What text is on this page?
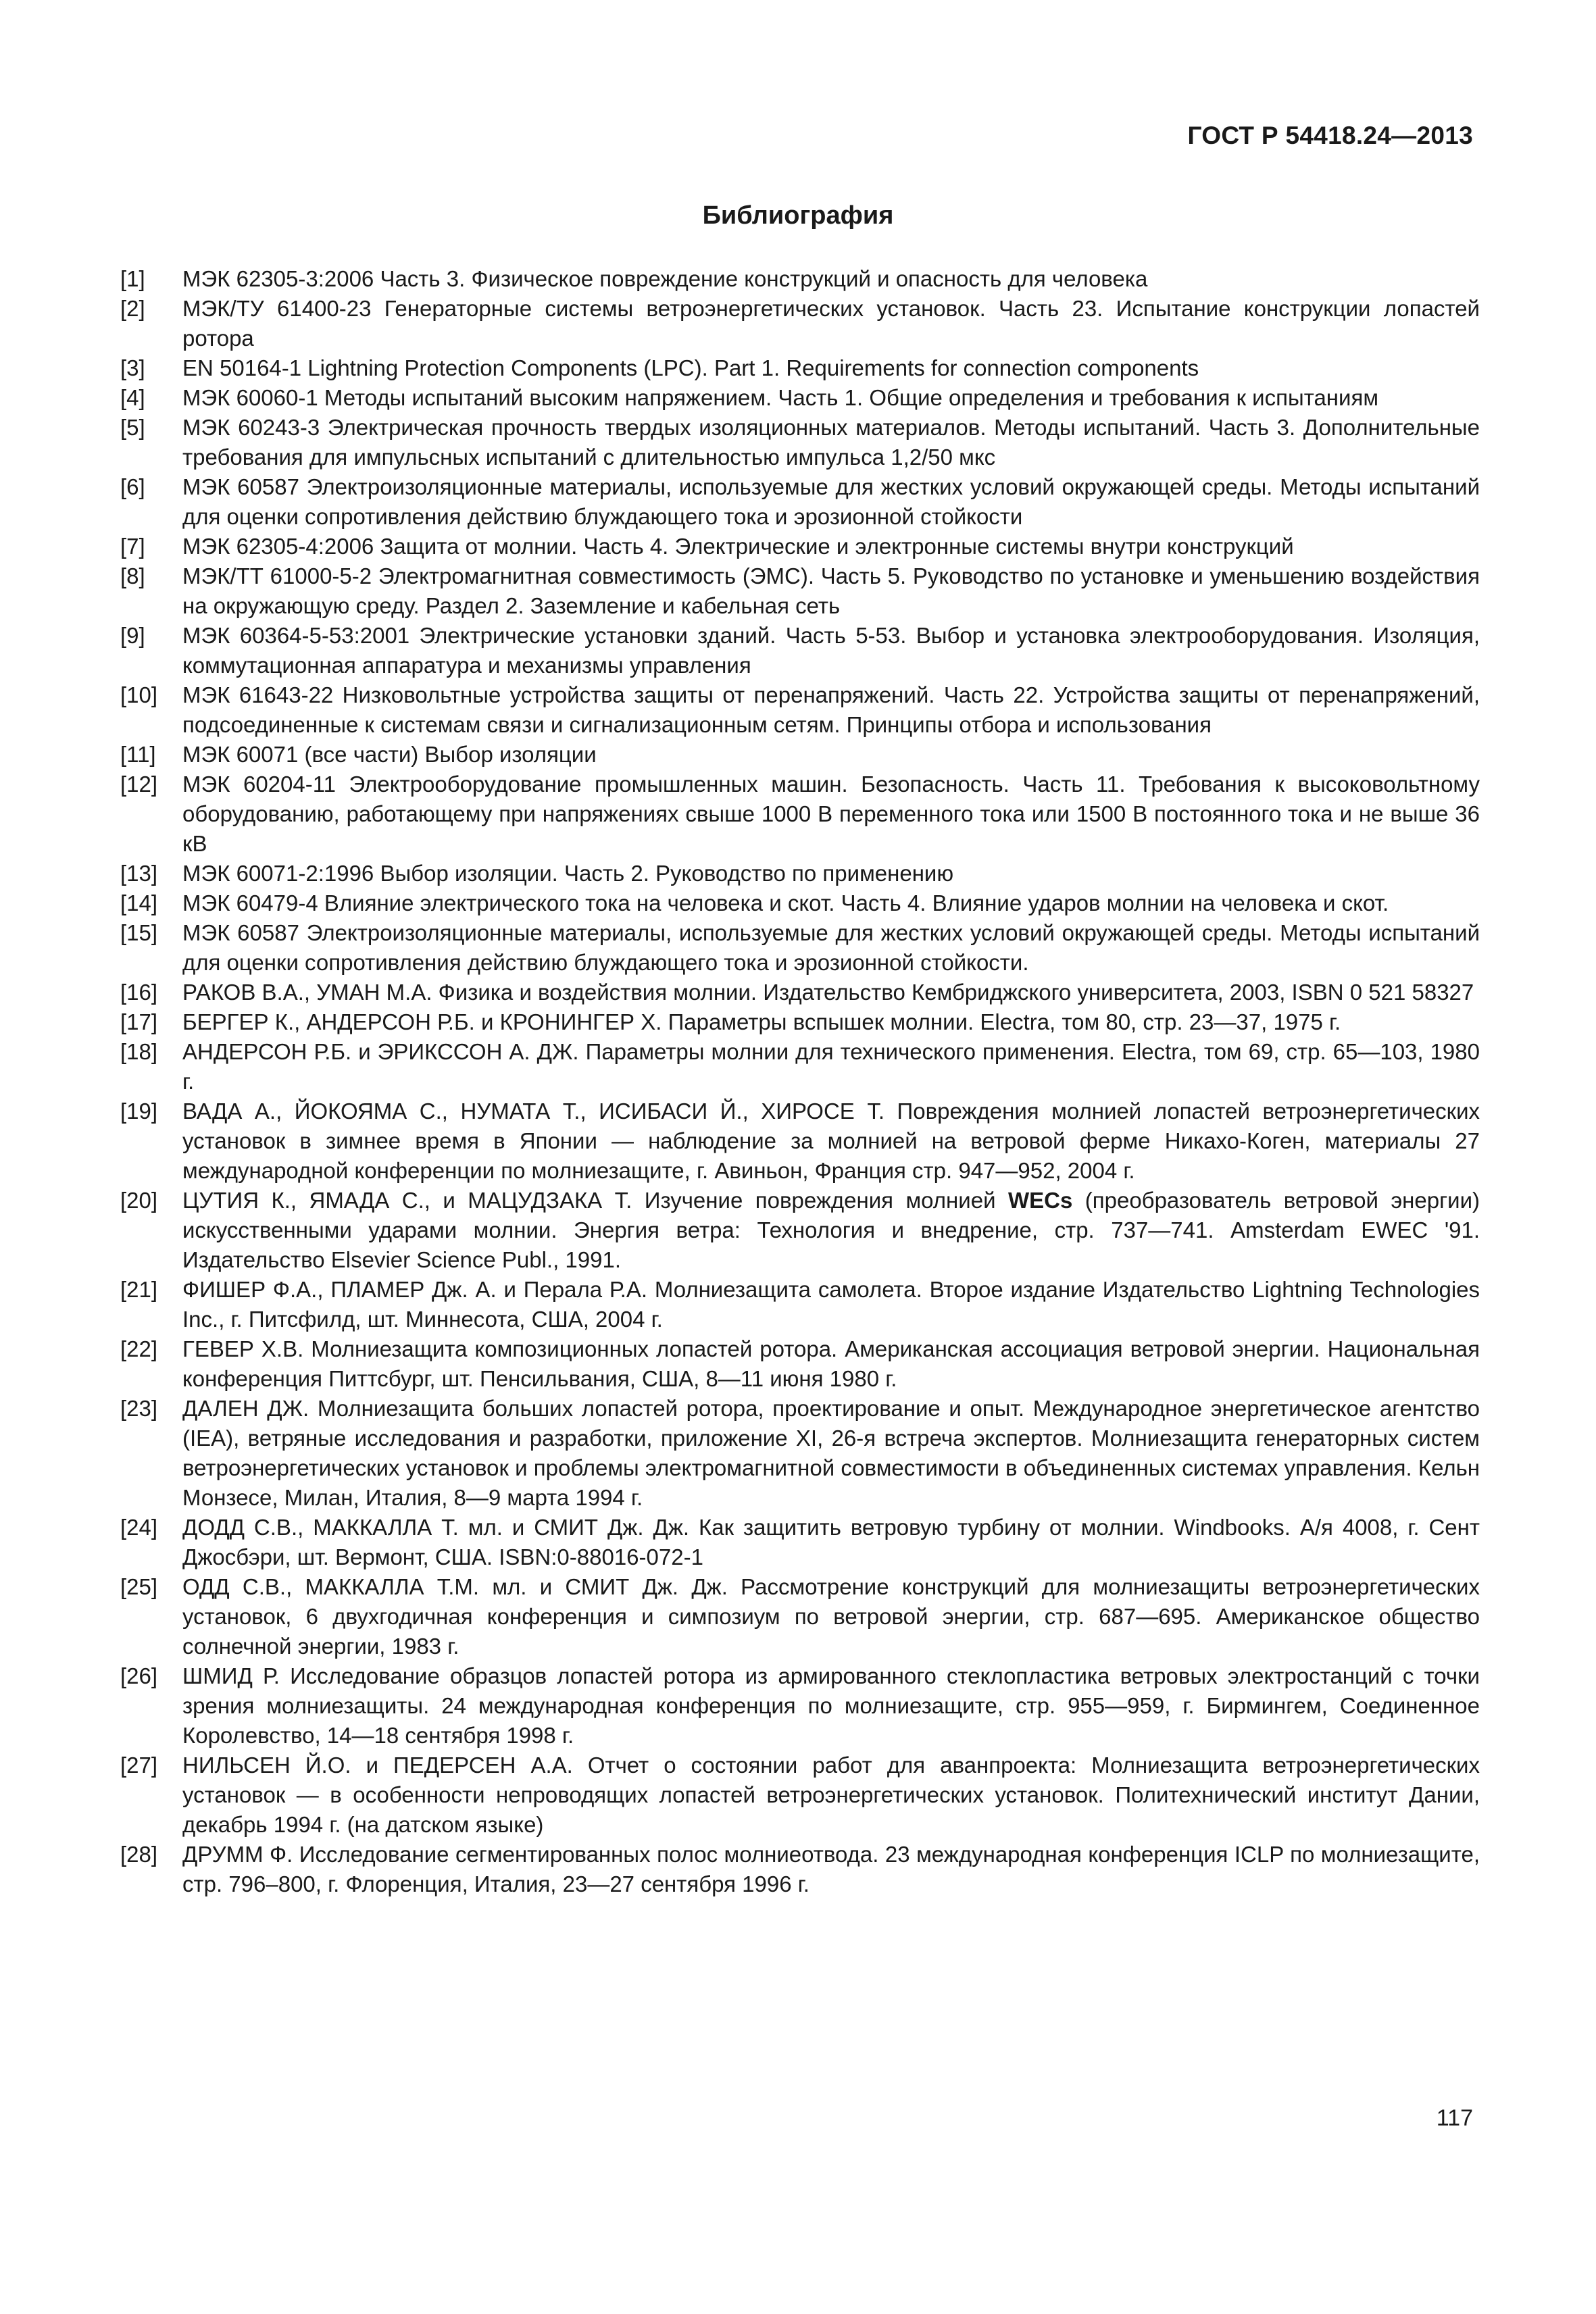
ГОСТ Р 54418.24—2013
Библиография
[1]	МЭК 62305-3:2006 Часть 3. Физическое повреждение конструкций и опасность для человека
[2]	МЭК/ТУ 61400-23 Генераторные системы ветроэнергетических установок. Часть 23. Испытание конструкции лопастей ротора
[3]	EN 50164-1 Lightning Protection Components (LPC). Part 1. Requirements for connection components
[4]	МЭК 60060-1 Методы испытаний высоким напряжением. Часть 1. Общие определения и требования к испытаниям
[5]	МЭК 60243-3 Электрическая прочность твердых изоляционных материалов. Методы испытаний. Часть 3. Дополнительные требования для импульсных испытаний с длительностью импульса 1,2/50 мкс
[6]	МЭК 60587 Электроизоляционные материалы, используемые для жестких условий окружающей среды. Методы испытаний для оценки сопротивления действию блуждающего тока и эрозионной стойкости
[7]	МЭК 62305-4:2006 Защита от молнии. Часть 4. Электрические и электронные системы внутри конструкций
[8]	МЭК/ТТ 61000-5-2 Электромагнитная совместимость (ЭМС). Часть 5. Руководство по установке и уменьшению воздействия на окружающую среду. Раздел 2. Заземление и кабельная сеть
[9]	МЭК 60364-5-53:2001 Электрические установки зданий. Часть 5-53. Выбор и установка электрооборудования. Изоляция, коммутационная аппаратура и механизмы управления
[10]	МЭК 61643-22 Низковольтные устройства защиты от перенапряжений. Часть 22. Устройства защиты от перенапряжений, подсоединенные к системам связи и сигнализационным сетям. Принципы отбора и использования
[11]	МЭК 60071 (все части) Выбор изоляции
[12]	МЭК 60204-11 Электрооборудование промышленных машин. Безопасность. Часть 11. Требования к высоковольтному оборудованию, работающему при напряжениях свыше 1000 В переменного тока или 1500 В постоянного тока и не выше 36 кВ
[13]	МЭК 60071-2:1996 Выбор изоляции. Часть 2. Руководство по применению
[14]	МЭК 60479-4 Влияние электрического тока на человека и скот. Часть 4. Влияние ударов молнии на человека и скот.
[15]	МЭК 60587 Электроизоляционные материалы, используемые для жестких условий окружающей среды. Методы испытаний для оценки сопротивления действию блуждающего тока и эрозионной стойкости.
[16]	РАКОВ В.А., УМАН М.А. Физика и воздействия молнии. Издательство Кембриджского университета, 2003, ISBN 0 521 58327
[17]	БЕРГЕР К., АНДЕРСОН Р.Б. и КРОНИНГЕР Х. Параметры вспышек молнии. Electra, том 80, стр. 23—37, 1975 г.
[18]	АНДЕРСОН Р.Б. и ЭРИКССОН А. ДЖ. Параметры молнии для технического применения. Electra, том 69, стр. 65—103, 1980 г.
[19]	ВАДА А., ЙОКОЯМА С., НУМАТА Т., ИСИБАСИ Й., ХИРОСЕ Т. Повреждения молнией лопастей ветроэнергетических установок в зимнее время в Японии — наблюдение за молнией на ветровой ферме Никахо-Коген, материалы 27 международной конференции по молниезащите, г. Авиньон, Франция стр. 947—952, 2004 г.
[20]	ЦУТИЯ К., ЯМАДА С., и МАЦУДЗАКА Т. Изучение повреждения молнией WECs (преобразователь ветровой энергии) искусственными ударами молнии. Энергия ветра: Технология и внедрение, стр. 737—741. Amsterdam EWEC '91. Издательство Elsevier Science Publ., 1991.
[21]	ФИШЕР Ф.А., ПЛАМЕР Дж. А. и Перала Р.А. Молниезащита самолета. Второе издание Издательство Lightning Technologies Inc., г. Питсфилд, шт. Миннесота, США, 2004 г.
[22]	ГЕВЕР Х.В. Молниезащита композиционных лопастей ротора. Американская ассоциация ветровой энергии. Национальная конференция Питтсбург, шт. Пенсильвания, США, 8—11 июня 1980 г.
[23]	ДАЛЕН ДЖ. Молниезащита больших лопастей ротора, проектирование и опыт. Международное энергетическое агентство (IEA), ветряные исследования и разработки, приложение XI, 26-я встреча экспертов. Молниезащита генераторных систем ветроэнергетических установок и проблемы электромагнитной совместимости в объединенных системах управления. Кельн Монзесе, Милан, Италия, 8—9 марта 1994 г.
[24]	ДОДД С.В., МАККАЛЛА Т. мл. и СМИТ Дж. Дж. Как защитить ветровую турбину от молнии. Windbooks. А/я 4008, г. Сент Джосбэри, шт. Вермонт, США. ISBN:0-88016-072-1
[25]	ОДД С.В., МАККАЛЛА Т.М. мл. и СМИТ Дж. Дж. Рассмотрение конструкций для молниезащиты ветроэнергетических установок, 6 двухгодичная конференция и симпозиум по ветровой энергии, стр. 687—695. Американское общество солнечной энергии, 1983 г.
[26]	ШМИД Р. Исследование образцов лопастей ротора из армированного стеклопластика ветровых электростанций с точки зрения молниезащиты. 24 международная конференция по молниезащите, стр. 955—959, г. Бирмингем, Соединенное Королевство, 14—18 сентября 1998 г.
[27]	НИЛЬСЕН Й.О. и ПЕДЕРСЕН А.А. Отчет о состоянии работ для аванпроекта: Молниезащита ветроэнергетических установок — в особенности непроводящих лопастей ветроэнергетических установок. Политехнический институт Дании, декабрь 1994 г. (на датском языке)
[28]	ДРУММ Ф. Исследование сегментированных полос молниеотвода. 23 международная конференция ICLP по молниезащите, стр. 796–800, г. Флоренция, Италия, 23—27 сентября 1996 г.
117
